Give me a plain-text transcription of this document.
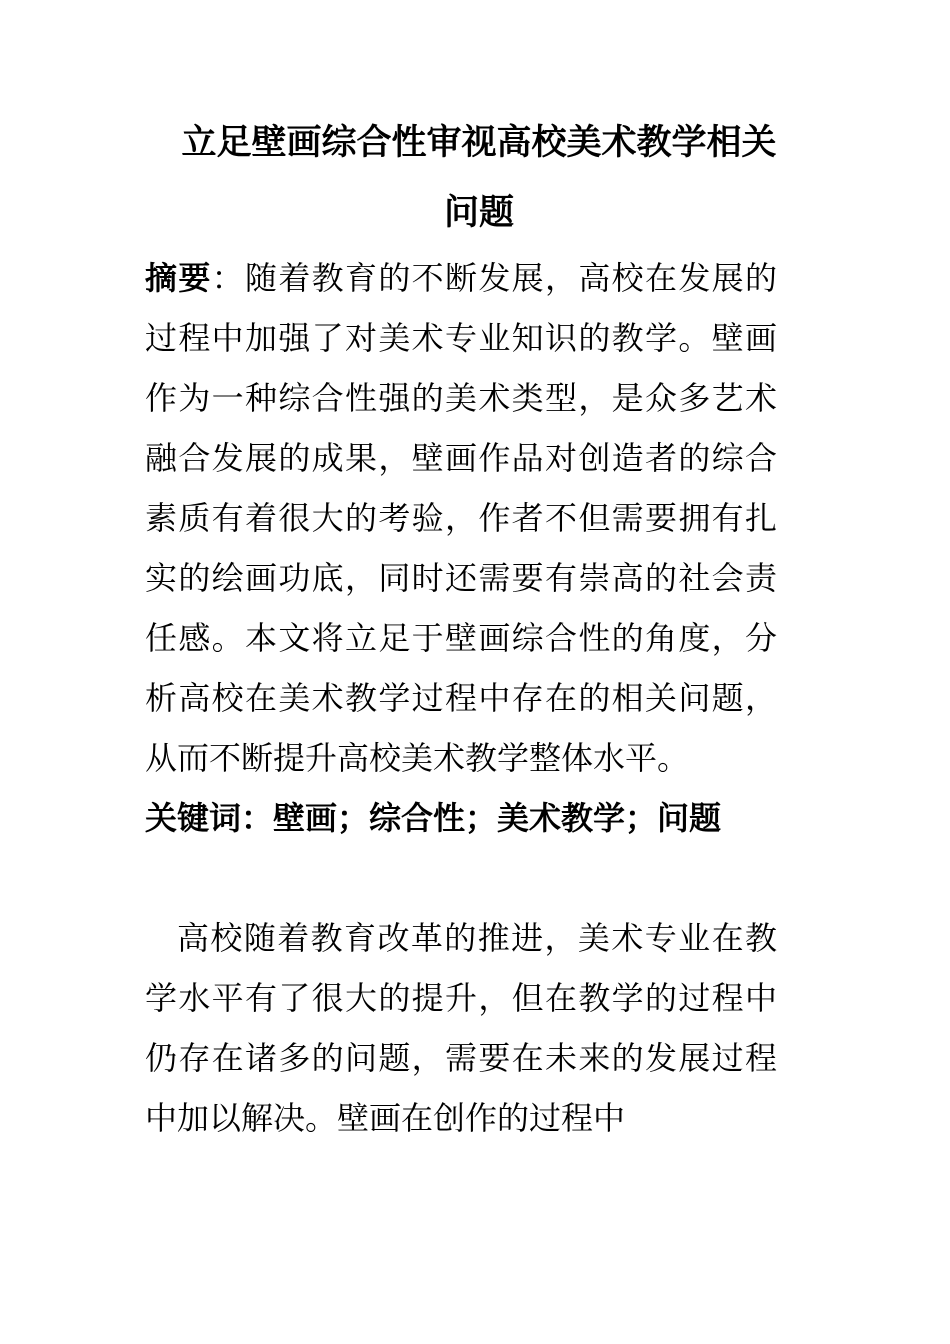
立足壁画综合性审视高校美术教学相关
问题

摘要：随着教育的不断发展，高校在发展的过程中加强了对美术专业知识的教学。壁画作为一种综合性强的美术类型，是众多艺术融合发展的成果，壁画作品对创造者的综合素质有着很大的考验，作者不但需要拥有扎实的绘画功底，同时还需要有崇高的社会责任感。本文将立足于壁画综合性的角度，分析高校在美术教学过程中存在的相关问题，从而不断提升高校美术教学整体水平。

关键词：壁画；综合性；美术教学；问题

高校随着教育改革的推进，美术专业在教学水平有了很大的提升，但在教学的过程中仍存在诸多的问题，需要在未来的发展过程中加以解决。壁画在创作的过程中
